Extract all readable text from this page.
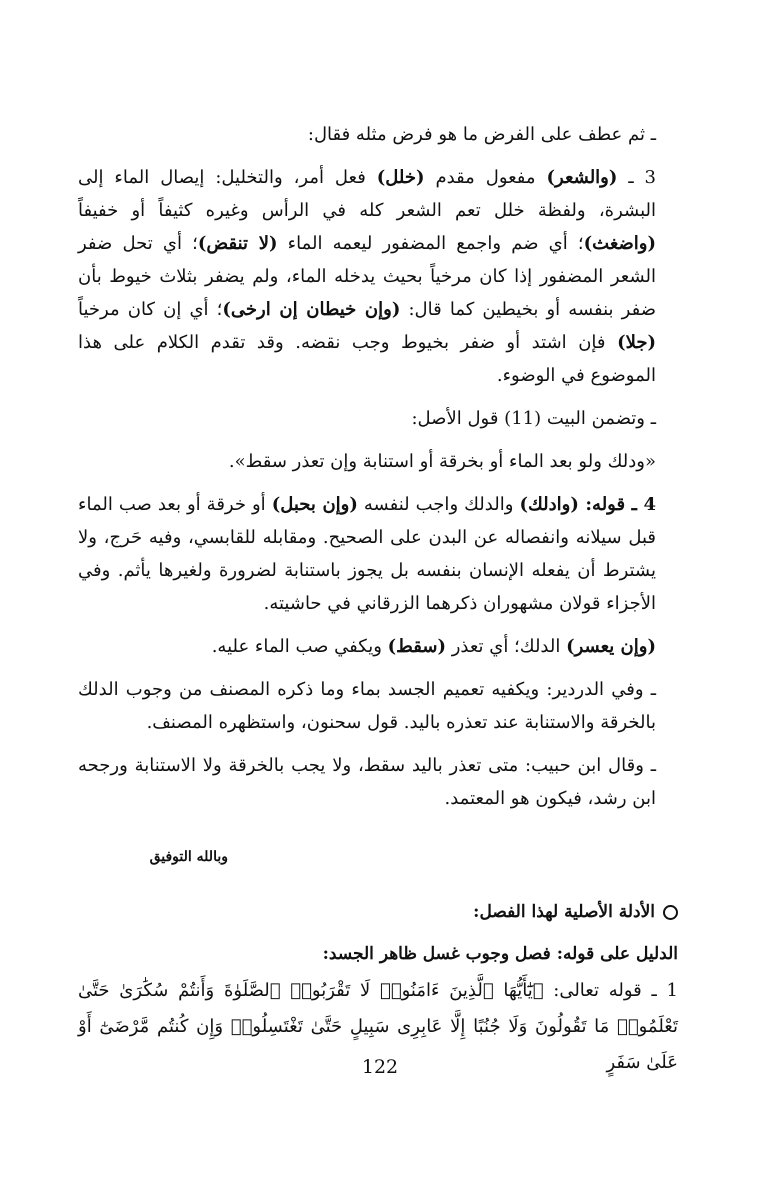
ـ ثم عطف على الفرض ما هو فرض مثله فقال:

3 ـ (والشعر) مفعول مقدم (خلل) فعل أمر، والتخليل: إيصال الماء إلى البشرة، ولفظة خلل تعم الشعر كله في الرأس وغيره كثيفاً أو خفيفاً (واضغث)؛ أي ضم واجمع المضفور ليعمه الماء (لا تنقض)؛ أي تحل ضفر الشعر المضفور إذا كان مرخياً بحيث يدخله الماء، ولم يضفر بثلاث خيوط بأن ضفر بنفسه أو بخيطين كما قال: (وإن خيطان إن ارخى)؛ أي إن كان مرخياً (جلا) فإن اشتد أو ضفر بخيوط وجب نقضه. وقد تقدم الكلام على هذا الموضوع في الوضوء.

ـ وتضمن البيت (11) قول الأصل:

«ودلك ولو بعد الماء أو بخرقة أو استنابة وإن تعذر سقط».

4 ـ قوله: (وادلك) والدلك واجب لنفسه (وإن بحبل) أو خرقة أو بعد صب الماء قبل سيلانه وانفصاله عن البدن على الصحيح. ومقابله للقابسي، وفيه حَرج، ولا يشترط أن يفعله الإنسان بنفسه بل يجوز باستنابة لضرورة ولغيرها يأثم. وفي الأجزاء قولان مشهوران ذكرهما الزرقاني في حاشيته.

(وإن يعسر) الدلك؛ أي تعذر (سقط) ويكفي صب الماء عليه.

ـ وفي الدردير: ويكفيه تعميم الجسد بماء وما ذكره المصنف من وجوب الدلك بالخرقة والاستنابة عند تعذره باليد. قول سحنون، واستظهره المصنف.

ـ وقال ابن حبيب: متى تعذر باليد سقط، ولا يجب بالخرقة ولا الاستنابة ورجحه ابن رشد، فيكون هو المعتمد.

وبالله التوفيق
الأدلة الأصلية لهذا الفصل:
الدليل على قوله: فصل وجوب غسل ظاهر الجسد:

1 ـ قوله تعالى: ﴿يَٰٓأَيُّهَا ٱلَّذِينَ ءَامَنُوا۟ لَا تَقْرَبُوا۟ ٱلصَّلَوٰةَ وَأَنتُمْ سُكَٰرَىٰ حَتَّىٰ تَعْلَمُوا۟ مَا تَقُولُونَ وَلَا جُنُبًا إِلَّا عَابِرِى سَبِيلٍ حَتَّىٰ تَغْتَسِلُوا۟ وَإِن كُنتُم مَّرْضَىٰٓ أَوْ عَلَىٰ سَفَرٍ

122
